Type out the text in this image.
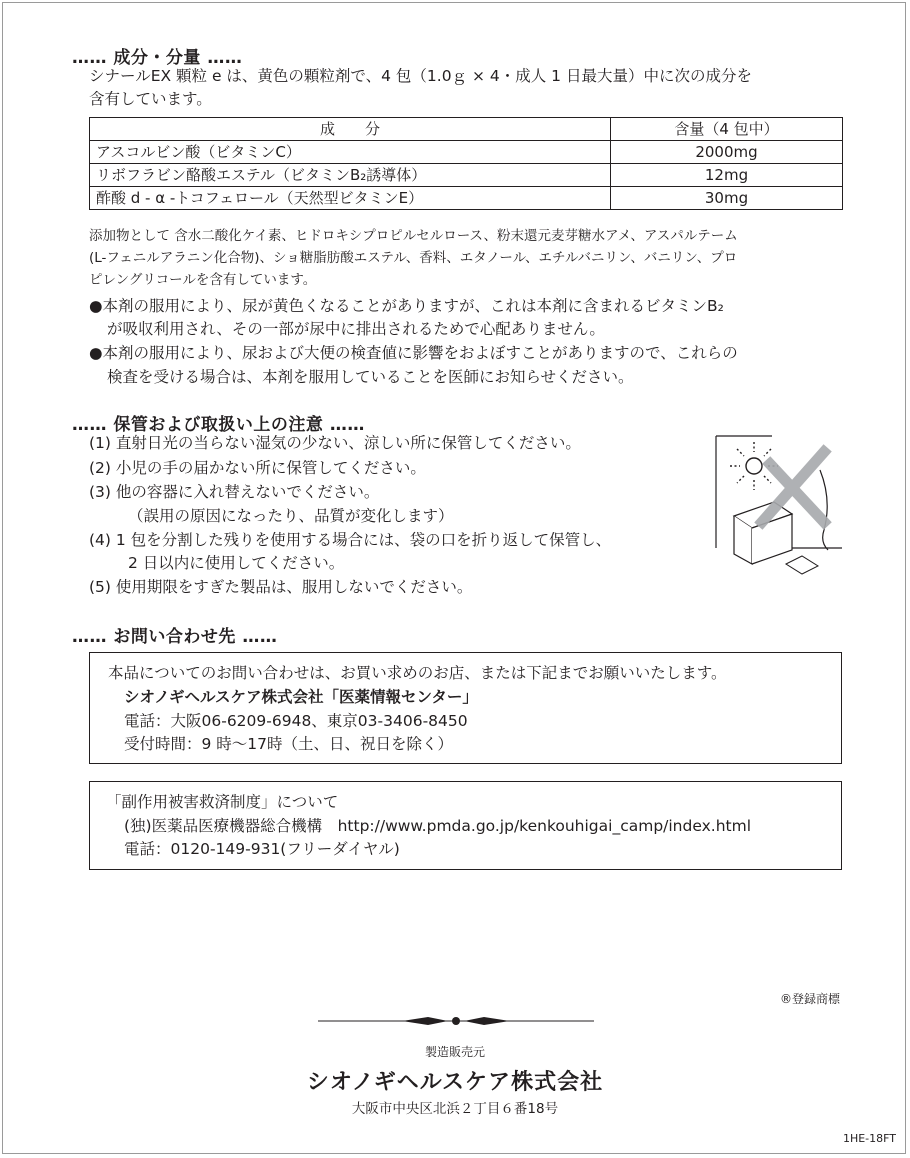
…… 成分・分量 ……
シナールEX 顆粒 e は、黄色の顆粒剤で、4 包（1.0ｇ × 4・成人 1 日最大量）中に次の成分を
含有しています。
成　　分	含量（4 包中）
アスコルビン酸（ビタミンC）	2000mg
リボフラビン酪酸エステル（ビタミンB₂誘導体）	12mg
酢酸 d - α -トコフェロール（天然型ビタミンE）	30mg
添加物として 含水二酸化ケイ素、ヒドロキシプロピルセルロース、粉末還元麦芽糖水アメ、アスパルテーム
(L-フェニルアラニン化合物)、ショ糖脂肪酸エステル、香料、エタノール、エチルバニリン、バニリン、プロ
ピレングリコールを含有しています。
●本剤の服用により、尿が黄色くなることがありますが、これは本剤に含まれるビタミンB₂
が吸収利用され、その一部が尿中に排出されるためで心配ありません。
●本剤の服用により、尿および大便の検査値に影響をおよぼすことがありますので、これらの
検査を受ける場合は、本剤を服用していることを医師にお知らせください。
…… 保管および取扱い上の注意 ……
(1) 直射日光の当らない湿気の少ない、涼しい所に保管してください。
(2) 小児の手の届かない所に保管してください。
(3) 他の容器に入れ替えないでください。
（誤用の原因になったり、品質が変化します）
(4) 1 包を分割した残りを使用する場合には、袋の口を折り返して保管し、
2 日以内に使用してください。
(5) 使用期限をすぎた製品は、服用しないでください。
…… お問い合わせ先 ……
本品についてのお問い合わせは、お買い求めのお店、または下記までお願いいたします。
シオノギヘルスケア株式会社「医薬情報センター」
電話：大阪06-6209-6948、東京03-3406-8450
受付時間：9 時〜17時（土、日、祝日を除く）
「副作用被害救済制度」について
(独)医薬品医療機器総合機構　http://www.pmda.go.jp/kenkouhigai_camp/index.html
電話：0120-149-931(フリーダイヤル)
®登録商標
製造販売元
シオノギヘルスケア株式会社
大阪市中央区北浜２丁目６番18号
1HE-18FT
